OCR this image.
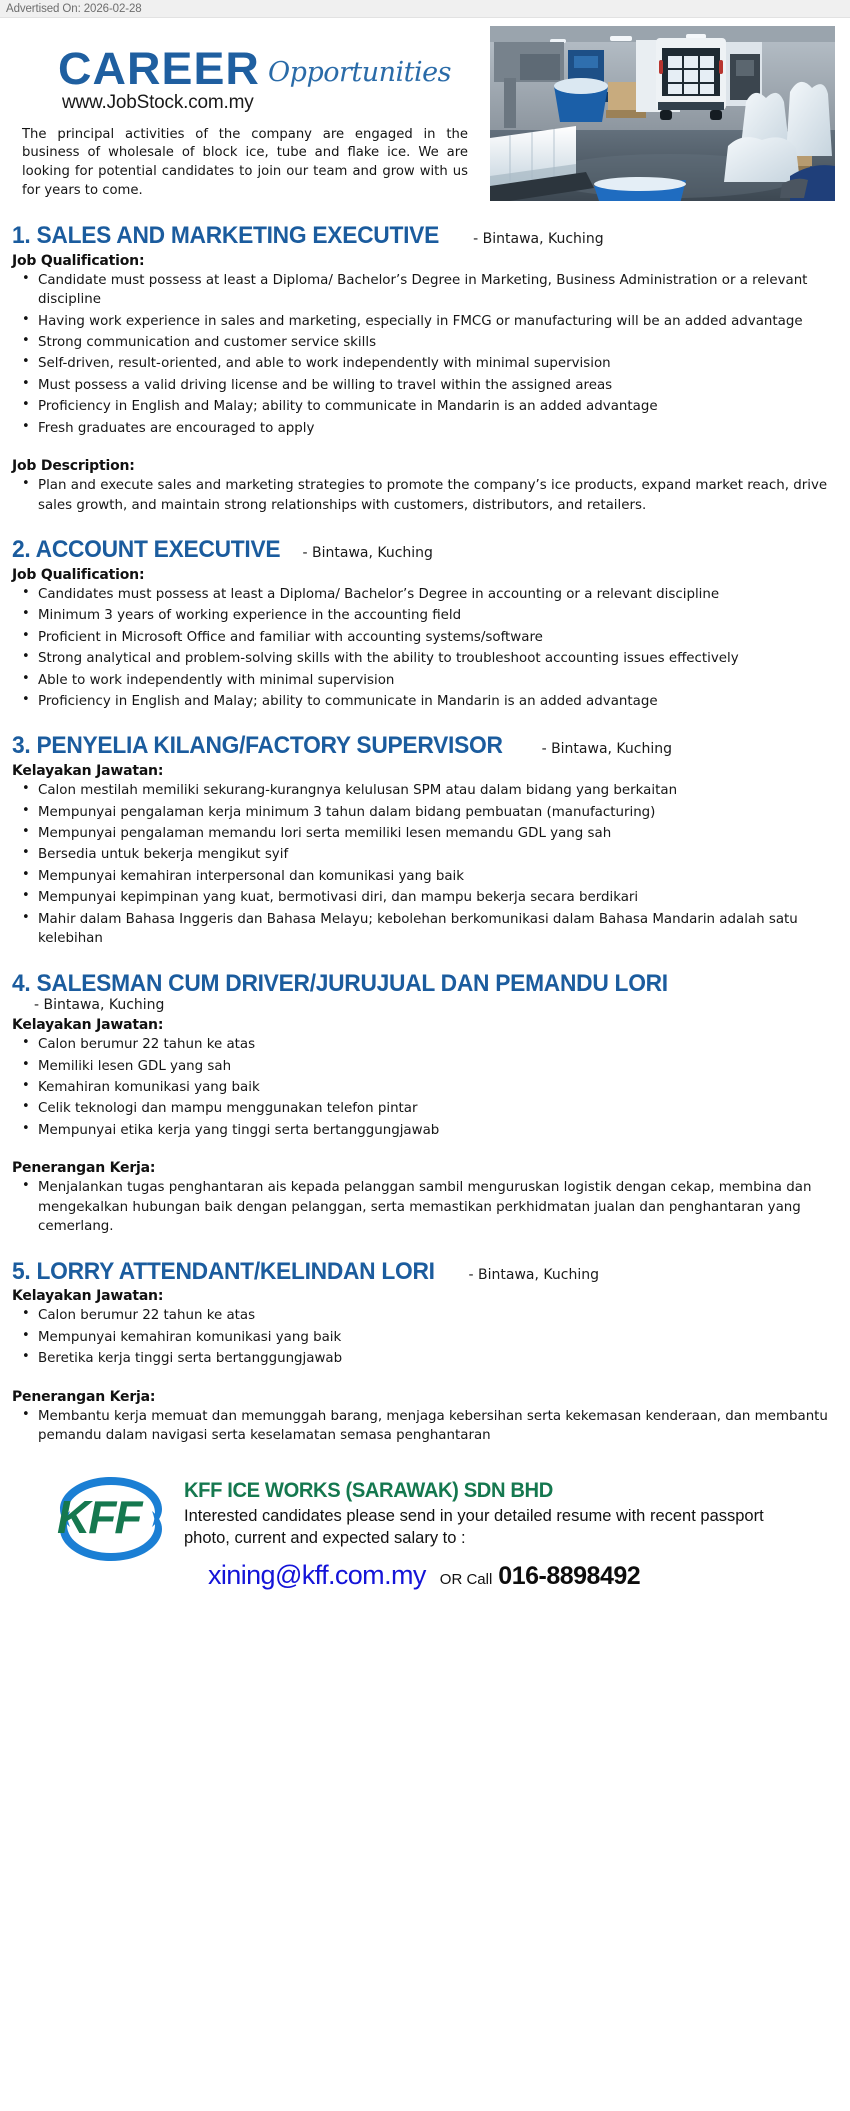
Advertised On: 2026-02-28
CAREER Opportunities
www.JobStock.com.my

The principal activities of the company are engaged in the business of wholesale of block ice, tube and flake ice. We are looking for potential candidates to join our team and grow with us for years to come.

1. SALES AND MARKETING EXECUTIVE - Bintawa, Kuching
Job Qualification:
• Candidate must possess at least a Diploma/ Bachelor’s Degree in Marketing, Business Administration or a relevant discipline
• Having work experience in sales and marketing, especially in FMCG or manufacturing will be an added advantage
• Strong communication and customer service skills
• Self-driven, result-oriented, and able to work independently with minimal supervision
• Must possess a valid driving license and be willing to travel within the assigned areas
• Proficiency in English and Malay; ability to communicate in Mandarin is an added advantage
• Fresh graduates are encouraged to apply
Job Description:
• Plan and execute sales and marketing strategies to promote the company’s ice products, expand market reach, drive sales growth, and maintain strong relationships with customers, distributors, and retailers.
2. ACCOUNT EXECUTIVE - Bintawa, Kuching
Job Qualification:
• Candidates must possess at least a Diploma/ Bachelor’s Degree in accounting or a relevant discipline
• Minimum 3 years of working experience in the accounting field
• Proficient in Microsoft Office and familiar with accounting systems/software
• Strong analytical and problem-solving skills with the ability to troubleshoot accounting issues effectively
• Able to work independently with minimal supervision
• Proficiency in English and Malay; ability to communicate in Mandarin is an added advantage
3. PENYELIA KILANG/FACTORY SUPERVISOR	- Bintawa, Kuching
Kelayakan Jawatan:
• Calon mestilah memiliki sekurang-kurangnya kelulusan SPM atau dalam bidang yang berkaitan
• Mempunyai pengalaman kerja minimum 3 tahun dalam bidang pembuatan (manufacturing)
• Mempunyai pengalaman memandu lori serta memiliki lesen memandu GDL yang sah
• Bersedia untuk bekerja mengikut syif
• Mempunyai kemahiran interpersonal dan komunikasi yang baik
• Mempunyai kepimpinan yang kuat, bermotivasi diri, dan mampu bekerja secara berdikari
• Mahir dalam Bahasa Inggeris dan Bahasa Melayu; kebolehan berkomunikasi dalam Bahasa Mandarin adalah satu kelebihan
4. SALESMAN CUM DRIVER/JURUJUAL DAN PEMANDU LORI
- Bintawa, Kuching
Kelayakan Jawatan:
• Calon berumur 22 tahun ke atas
• Memiliki lesen GDL yang sah
• Kemahiran komunikasi yang baik
• Celik teknologi dan mampu menggunakan telefon pintar
• Mempunyai etika kerja yang tinggi serta bertanggungjawab
Penerangan Kerja:
• Menjalankan tugas penghantaran ais kepada pelanggan sambil menguruskan logistik dengan cekap, membina dan mengekalkan hubungan baik dengan pelanggan, serta memastikan perkhidmatan jualan dan penghantaran yang cemerlang.
5. LORRY ATTENDANT/KELINDAN LORI - Bintawa, Kuching
Kelayakan Jawatan:
• Calon berumur 22 tahun ke atas
• Mempunyai kemahiran komunikasi yang baik
• Beretika kerja tinggi serta bertanggungjawab
Penerangan Kerja:
• Membantu kerja memuat dan memunggah barang, menjaga kebersihan serta kekemasan kenderaan, dan membantu pemandu dalam navigasi serta keselamatan semasa penghantaran
KFF
KFF ICE WORKS (SARAWAK) SDN BHD
Interested candidates please send in your detailed resume with recent passport photo, current and expected salary to :
xining@kff.com.my OR Call 016-8898492
